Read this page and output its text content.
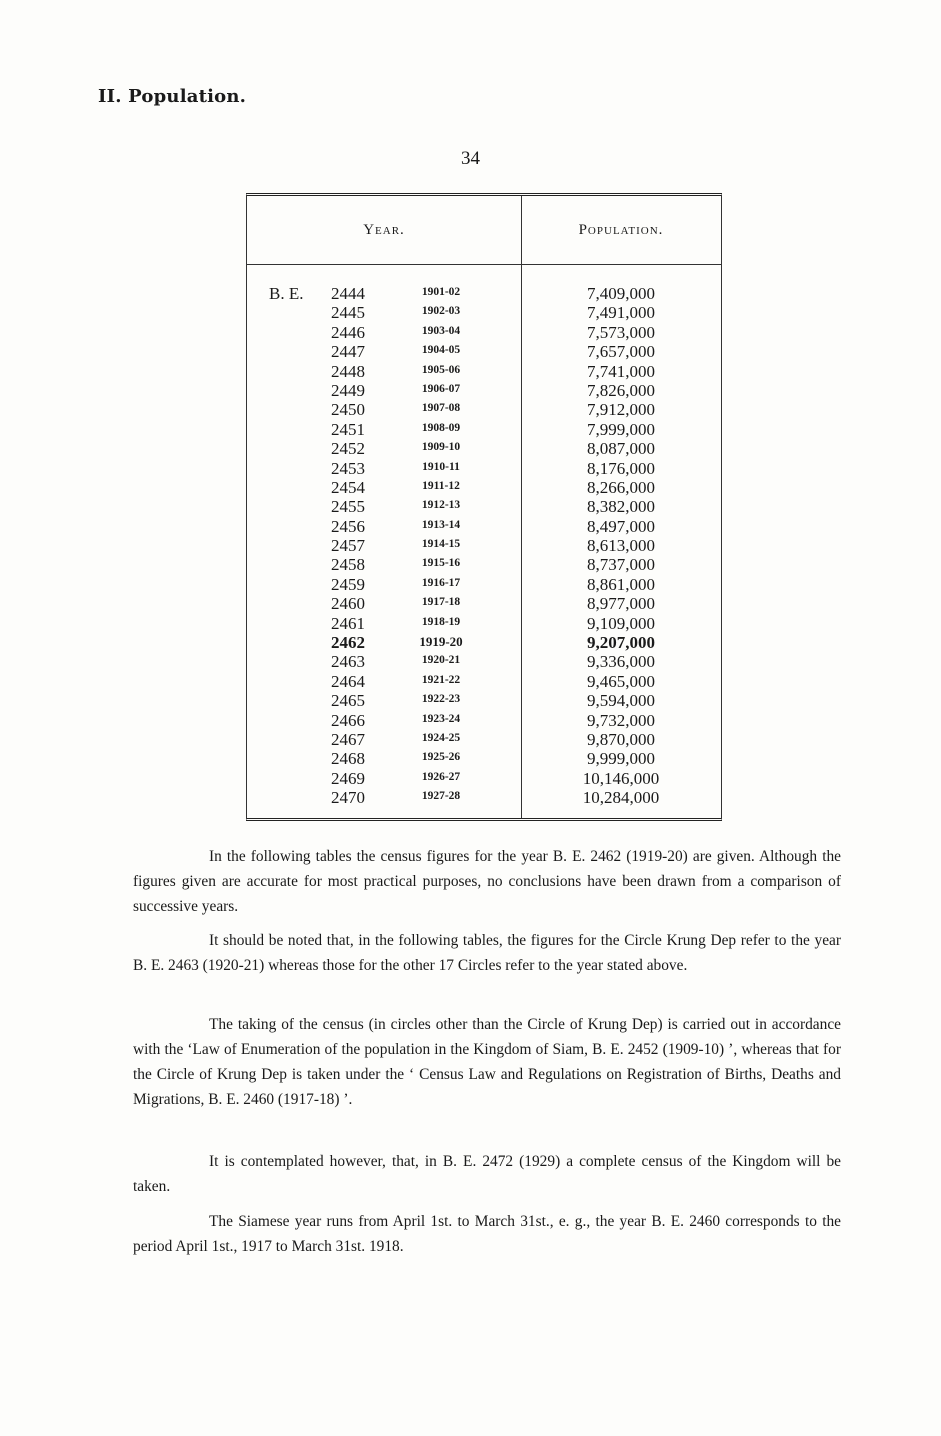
II. Population.
34
Year.	Population.
B. E.	2444	1901-02	7,409,000
2445	1902-03	7,491,000
2446	1903-04	7,573,000
2447	1904-05	7,657,000
2448	1905-06	7,741,000
2449	1906-07	7,826,000
2450	1907-08	7,912,000
2451	1908-09	7,999,000
2452	1909-10	8,087,000
2453	1910-11	8,176,000
2454	1911-12	8,266,000
2455	1912-13	8,382,000
2456	1913-14	8,497,000
2457	1914-15	8,613,000
2458	1915-16	8,737,000
2459	1916-17	8,861,000
2460	1917-18	8,977,000
2461	1918-19	9,109,000
2462	1919-20	9,207,000
2463	1920-21	9,336,000
2464	1921-22	9,465,000
2465	1922-23	9,594,000
2466	1923-24	9,732,000
2467	1924-25	9,870,000
2468	1925-26	9,999,000
2469	1926-27	10,146,000
2470	1927-28	10,284,000

In the following tables the census figures for the year B. E. 2462 (1919-20) are given. Although the figures given are accurate for most practical purposes, no conclusions have been drawn from a comparison of successive years.

It should be noted that, in the following tables, the figures for the Circle Krung Dep refer to the year B. E. 2463 (1920-21) whereas those for the other 17 Circles refer to the year stated above.

The taking of the census (in circles other than the Circle of Krung Dep) is carried out in accordance with the ‘Law of Enumeration of the population in the Kingdom of Siam, B. E. 2452 (1909-10) ’, whereas that for the Circle of Krung Dep is taken under the ‘ Census Law and Regulations on Registration of Births, Deaths and Migrations, B. E. 2460 (1917-18) ’.

It is contemplated however, that, in B. E. 2472 (1929) a complete census of the Kingdom will be taken.

The Siamese year runs from April 1st. to March 31st., e. g., the year B. E. 2460 corresponds to the period April 1st., 1917 to March 31st. 1918.
